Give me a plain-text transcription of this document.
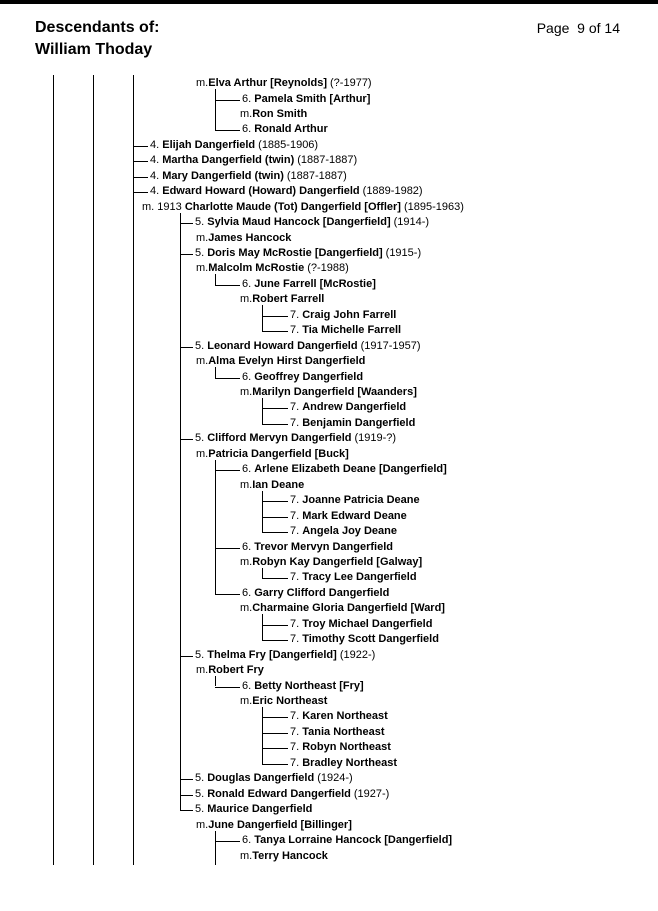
Descendants of:
William Thoday
Page  9 of 14
m.Elva Arthur [Reynolds] (?-1977)
6. Pamela Smith [Arthur]
m.Ron Smith
6. Ronald Arthur
4. Elijah Dangerfield (1885-1906)
4. Martha Dangerfield (twin) (1887-1887)
4. Mary Dangerfield (twin) (1887-1887)
4. Edward Howard (Howard) Dangerfield (1889-1982)
m. 1913 Charlotte Maude (Tot) Dangerfield [Offler] (1895-1963)
5. Sylvia Maud Hancock [Dangerfield] (1914-)
m.James Hancock
5. Doris May McRostie [Dangerfield] (1915-)
m.Malcolm McRostie (?-1988)
6. June Farrell [McRostie]
m.Robert Farrell
7. Craig John Farrell
7. Tia Michelle Farrell
5. Leonard Howard Dangerfield (1917-1957)
m.Alma Evelyn Hirst Dangerfield
6. Geoffrey Dangerfield
m.Marilyn Dangerfield [Waanders]
7. Andrew Dangerfield
7. Benjamin Dangerfield
5. Clifford Mervyn Dangerfield (1919-?)
m.Patricia Dangerfield [Buck]
6. Arlene Elizabeth Deane [Dangerfield]
m.Ian Deane
7. Joanne Patricia Deane
7. Mark Edward Deane
7. Angela Joy Deane
6. Trevor Mervyn Dangerfield
m.Robyn Kay Dangerfield [Galway]
7. Tracy Lee Dangerfield
6. Garry Clifford Dangerfield
m.Charmaine Gloria Dangerfield [Ward]
7. Troy Michael Dangerfield
7. Timothy Scott Dangerfield
5. Thelma Fry [Dangerfield] (1922-)
m.Robert Fry
6. Betty Northeast [Fry]
m.Eric Northeast
7. Karen Northeast
7. Tania Northeast
7. Robyn Northeast
7. Bradley Northeast
5. Douglas Dangerfield (1924-)
5. Ronald Edward Dangerfield (1927-)
5. Maurice Dangerfield
m.June Dangerfield [Billinger]
6. Tanya Lorraine Hancock [Dangerfield]
m.Terry Hancock
